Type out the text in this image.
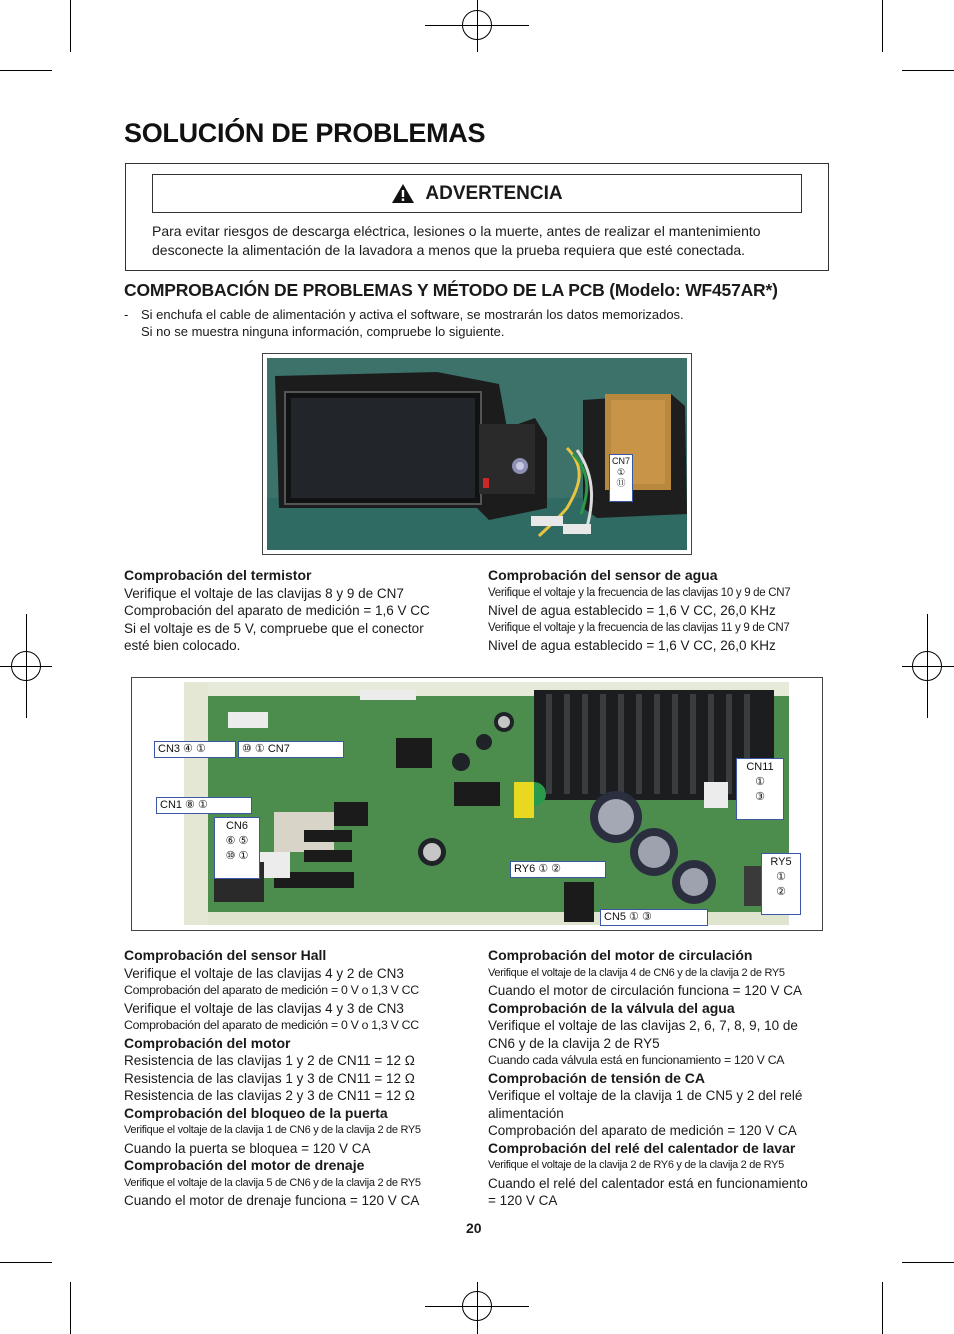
SOLUCIÓN DE PROBLEMAS
ADVERTENCIA

Para evitar riesgos de descarga eléctrica, lesiones o la muerte, antes de realizar el mantenimiento desconecte la alimentación de la lavadora a menos que la prueba requiera que esté conectada.

COMPROBACIÓN DE PROBLEMAS Y MÉTODO DE LA PCB (Modelo: WF457AR*)
- Si enchufa el cable de alimentación y activa el software, se mostrarán los datos memorizados.
Si no se muestra ninguna información, compruebe lo siguiente.
CN7
①
⑪
Comprobación del termistor
Verifique el voltaje de las clavijas 8 y 9 de CN7
Comprobación del aparato de medición = 1,6 V CC
Si el voltaje es de 5 V, compruebe que el conector
esté bien colocado.
Comprobación del sensor de agua
Verifique el voltaje y la frecuencia de las clavijas 10 y 9 de CN7
Nivel de agua establecido = 1,6 V CC, 26,0 KHz
Verifique el voltaje y la frecuencia de las clavijas 11 y 9 de CN7
Nivel de agua establecido = 1,6 V CC, 26,0 KHz
CN3 ④ ①	⑩ ① CN7
CN1 ⑧ ①
CN6
⑥ ⑤
⑩ ①
CN11
①
③
RY5
①
②
RY6 ① ②
CN5 ① ③
Comprobación del sensor Hall
Verifique el voltaje de las clavijas 4 y 2 de CN3
Comprobación del aparato de medición = 0 V o 1,3 V CC
Verifique el voltaje de las clavijas 4 y 3 de CN3
Comprobación del aparato de medición = 0 V o 1,3 V CC
Comprobación del motor
Resistencia de las clavijas 1 y 2 de CN11 = 12 Ω
Resistencia de las clavijas 1 y 3 de CN11 = 12 Ω
Resistencia de las clavijas 2 y 3 de CN11 = 12 Ω
Comprobación del bloqueo de la puerta
Verifique el voltaje de la clavija 1 de CN6 y de la clavija 2 de RY5
Cuando la puerta se bloquea = 120 V CA
Comprobación del motor de drenaje
Verifique el voltaje de la clavija 5 de CN6 y de la clavija 2 de RY5
Cuando el motor de drenaje funciona = 120 V CA
Comprobación del motor de circulación
Verifique el voltaje de la clavija 4 de CN6 y de la clavija 2 de RY5
Cuando el motor de circulación funciona = 120 V CA
Comprobación de la válvula del agua
Verifique el voltaje de las clavijas 2, 6, 7, 8, 9, 10 de
CN6 y de la clavija 2 de RY5
Cuando cada válvula está en funcionamiento = 120 V CA
Comprobación de tensión de CA
Verifique el voltaje de la clavija 1 de CN5 y 2 del relé
alimentación
Comprobación del aparato de medición = 120 V CA
Comprobación del relé del calentador de lavar
Verifique el voltaje de la clavija 2 de RY6 y de la clavija 2 de RY5
Cuando el relé del calentador está en funcionamiento
= 120 V CA
20
